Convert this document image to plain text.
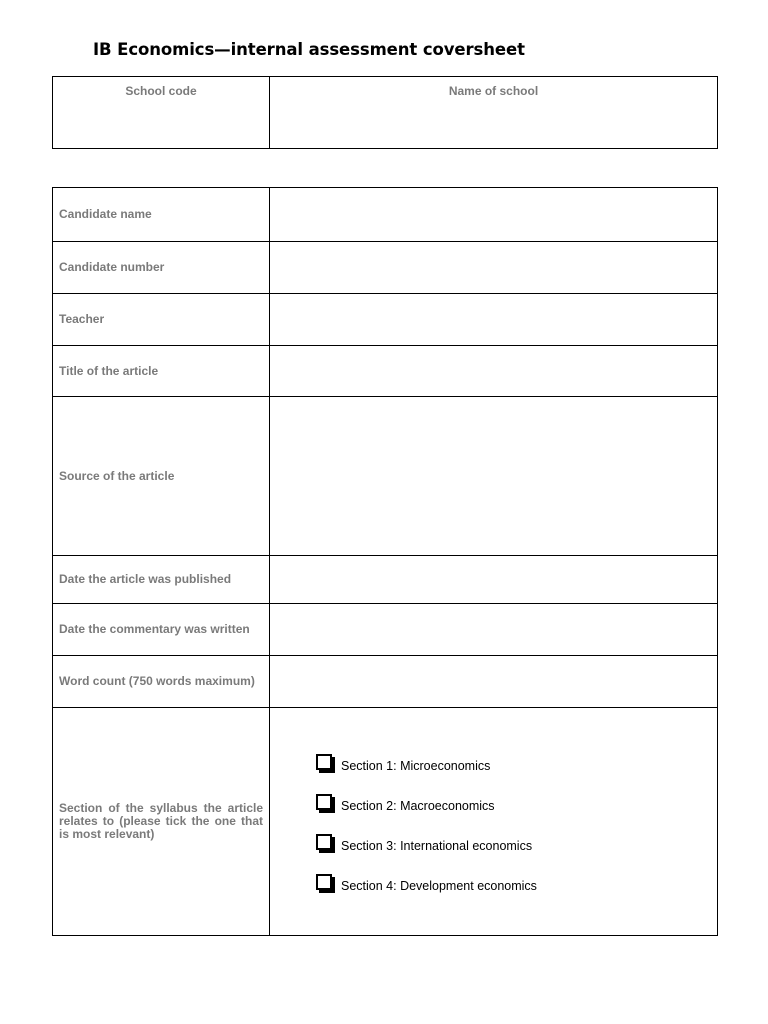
IB Economics—internal assessment coversheet
School code	Name of school
Candidate name	
Candidate number	
Teacher	
Title of the article	
Source of the article	
Date the article was published	
Date the commentary was written	
Word count (750 words maximum)	
Section of the syllabus the article relates to (please tick the one that is most relevant)	Section 1: Microeconomics
Section 2: Macroeconomics
Section 3: International economics
Section 4: Development economics
